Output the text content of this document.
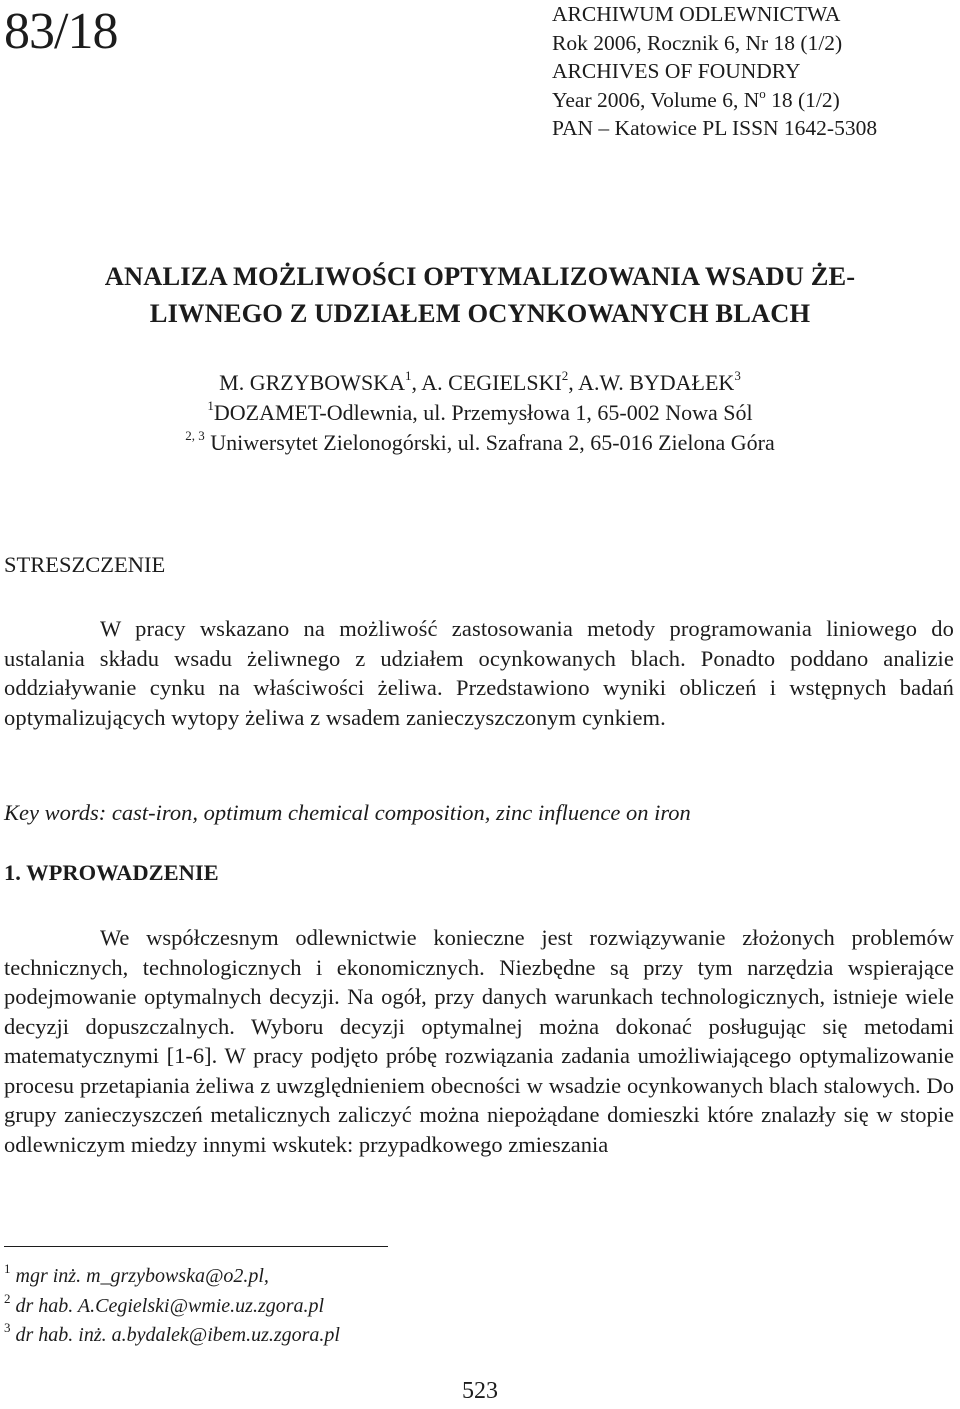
83/18	ARCHIWUM ODLEWNICTWA
Rok 2006, Rocznik 6, Nr 18 (1/2)
ARCHIVES OF FOUNDRY
Year 2006, Volume 6, $N^o$ 18 (1/2)
PAN – Katowice PL ISSN 1642-5308
ANALIZA MOŻLIWOŚCI OPTYMALIZOWANIA WSADU ŻE-
LIWNEGO Z UDZIAŁEM OCYNKOWANYCH BLACH
M. GRZYBOWSKA$^1$, A. CEGIELSKI$^2$, A.W. BYDAŁEK$^3$
$^1$DOZAMET-Odlewnia, ul. Przemysłowa 1, 65-002 Nowa Sól
$^{2, 3}$ Uniwersytet Zielonogórski, ul. Szafrana 2, 65-016 Zielona Góra
STRESZCZENIE

W pracy wskazano na możliwość zastosowania metody programowania liniowego do ustalania składu wsadu żeliwnego z udziałem ocynkowanych blach. Ponadto poddano analizie oddziaływanie cynku na właściwości żeliwa. Przedstawiono wyniki obliczeń i wstępnych badań optymalizujących wytopy żeliwa z wsadem zanieczyszczonym cynkiem.

Key words: cast-iron, optimum chemical composition, zinc influence on iron
1. WPROWADZENIE

We współczesnym odlewnictwie konieczne jest rozwiązywanie złożonych problemów technicznych, technologicznych i ekonomicznych. Niezbędne są przy tym narzędzia wspierające podejmowanie optymalnych decyzji. Na ogół, przy danych warunkach technologicznych, istnieje wiele decyzji dopuszczalnych. Wyboru decyzji optymalnej można dokonać posługując się metodami matematycznymi [1-6]. W pracy podjęto próbę rozwiązania zadania umożliwiającego optymalizowanie procesu przetapiania żeliwa z uwzględnieniem obecności w wsadzie ocynkowanych blach stalowych. Do grupy zanieczyszczeń metalicznych zaliczyć można niepożądane domieszki które znalazły się w stopie odlewniczym miedzy innymi wskutek: przypadkowego zmieszania

$^1$ mgr inż. m_grzybowska@o2.pl,
$^2$ dr hab. A.Cegielski@wmie.uz.zgora.pl
$^3$ dr hab. inż. a.bydalek@ibem.uz.zgora.pl
523
